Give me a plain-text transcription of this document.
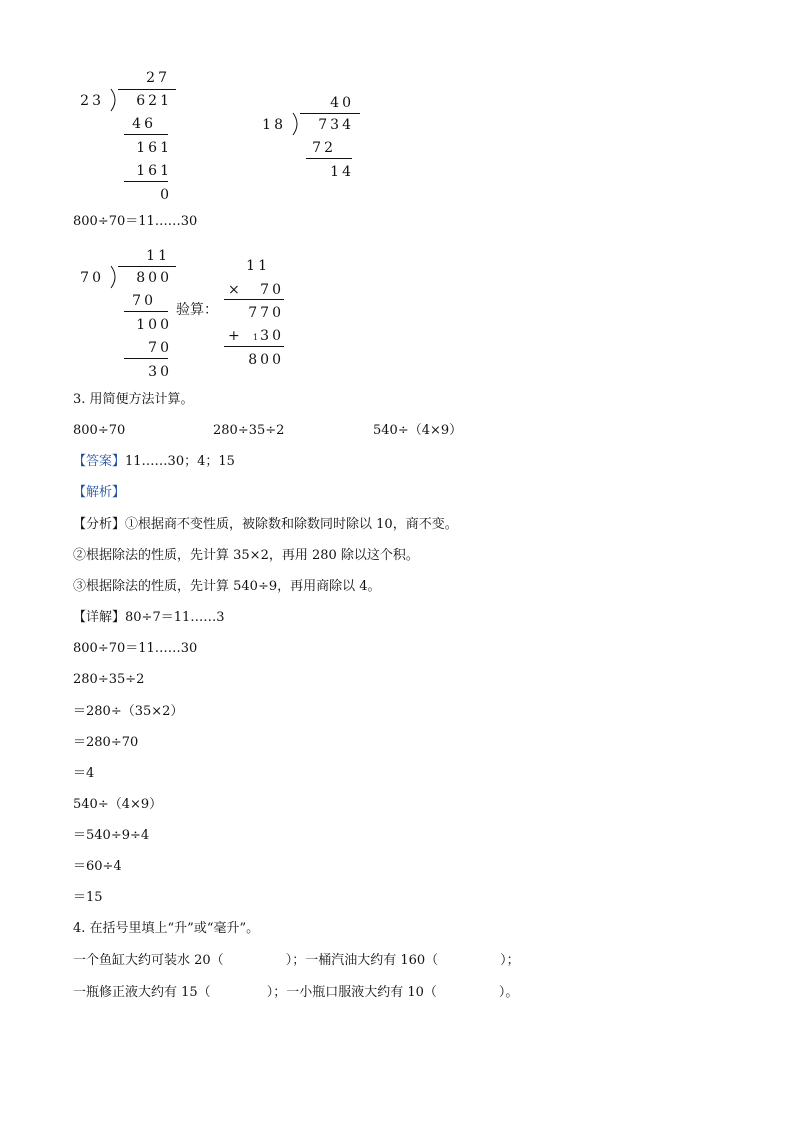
27
23	621
46
161
161
0
40
18	734
72
14
800÷70＝11……30
11
70	800
70
100
70
30
验算：
11
×	70
770
+ 1 30
800
3. 用简便方法计算。
800÷70	280÷35÷2	540÷（4×9）
【答案】11……30；4；15
【解析】
【分析】①根据商不变性质，被除数和除数同时除以 10，商不变。
②根据除法的性质，先计算 35×2，再用 280 除以这个积。
③根据除法的性质，先计算 540÷9，再用商除以 4。
【详解】80÷7＝11……3
800÷70＝11……30
280÷35÷2
＝280÷（35×2）
＝280÷70
＝4
540÷（4×9）
＝540÷9÷4
＝60÷4
＝15
4. 在括号里填上“升”或“毫升”。
一个鱼缸大约可装水 20（	）；一桶汽油大约有 160（	）；
一瓶修正液大约有 15（	）；一小瓶口服液大约有 10（	）。
